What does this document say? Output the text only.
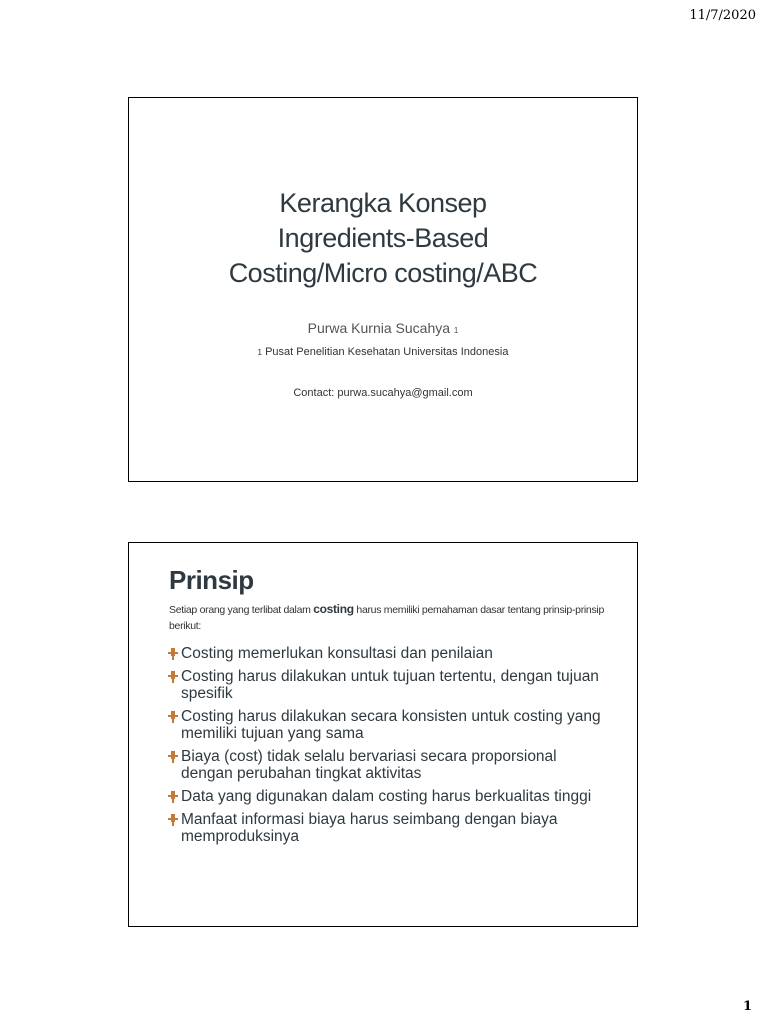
11/7/2020
Kerangka Konsep
Ingredients-Based
Costing/Micro costing/ABC
Purwa Kurnia Sucahya 1
1 Pusat Penelitian Kesehatan Universitas Indonesia
Contact: purwa.sucahya@gmail.com
Prinsip
Setiap orang yang terlibat dalam costing harus memiliki pemahaman dasar tentang prinsip-prinsip berikut:
Costing memerlukan konsultasi dan penilaian
Costing harus dilakukan untuk tujuan tertentu, dengan tujuan spesifik
Costing harus dilakukan secara konsisten untuk costing yang memiliki tujuan yang sama
Biaya (cost) tidak selalu bervariasi secara proporsional dengan perubahan tingkat aktivitas
Data yang digunakan dalam costing harus berkualitas tinggi
Manfaat informasi biaya harus seimbang dengan biaya memproduksinya
1
